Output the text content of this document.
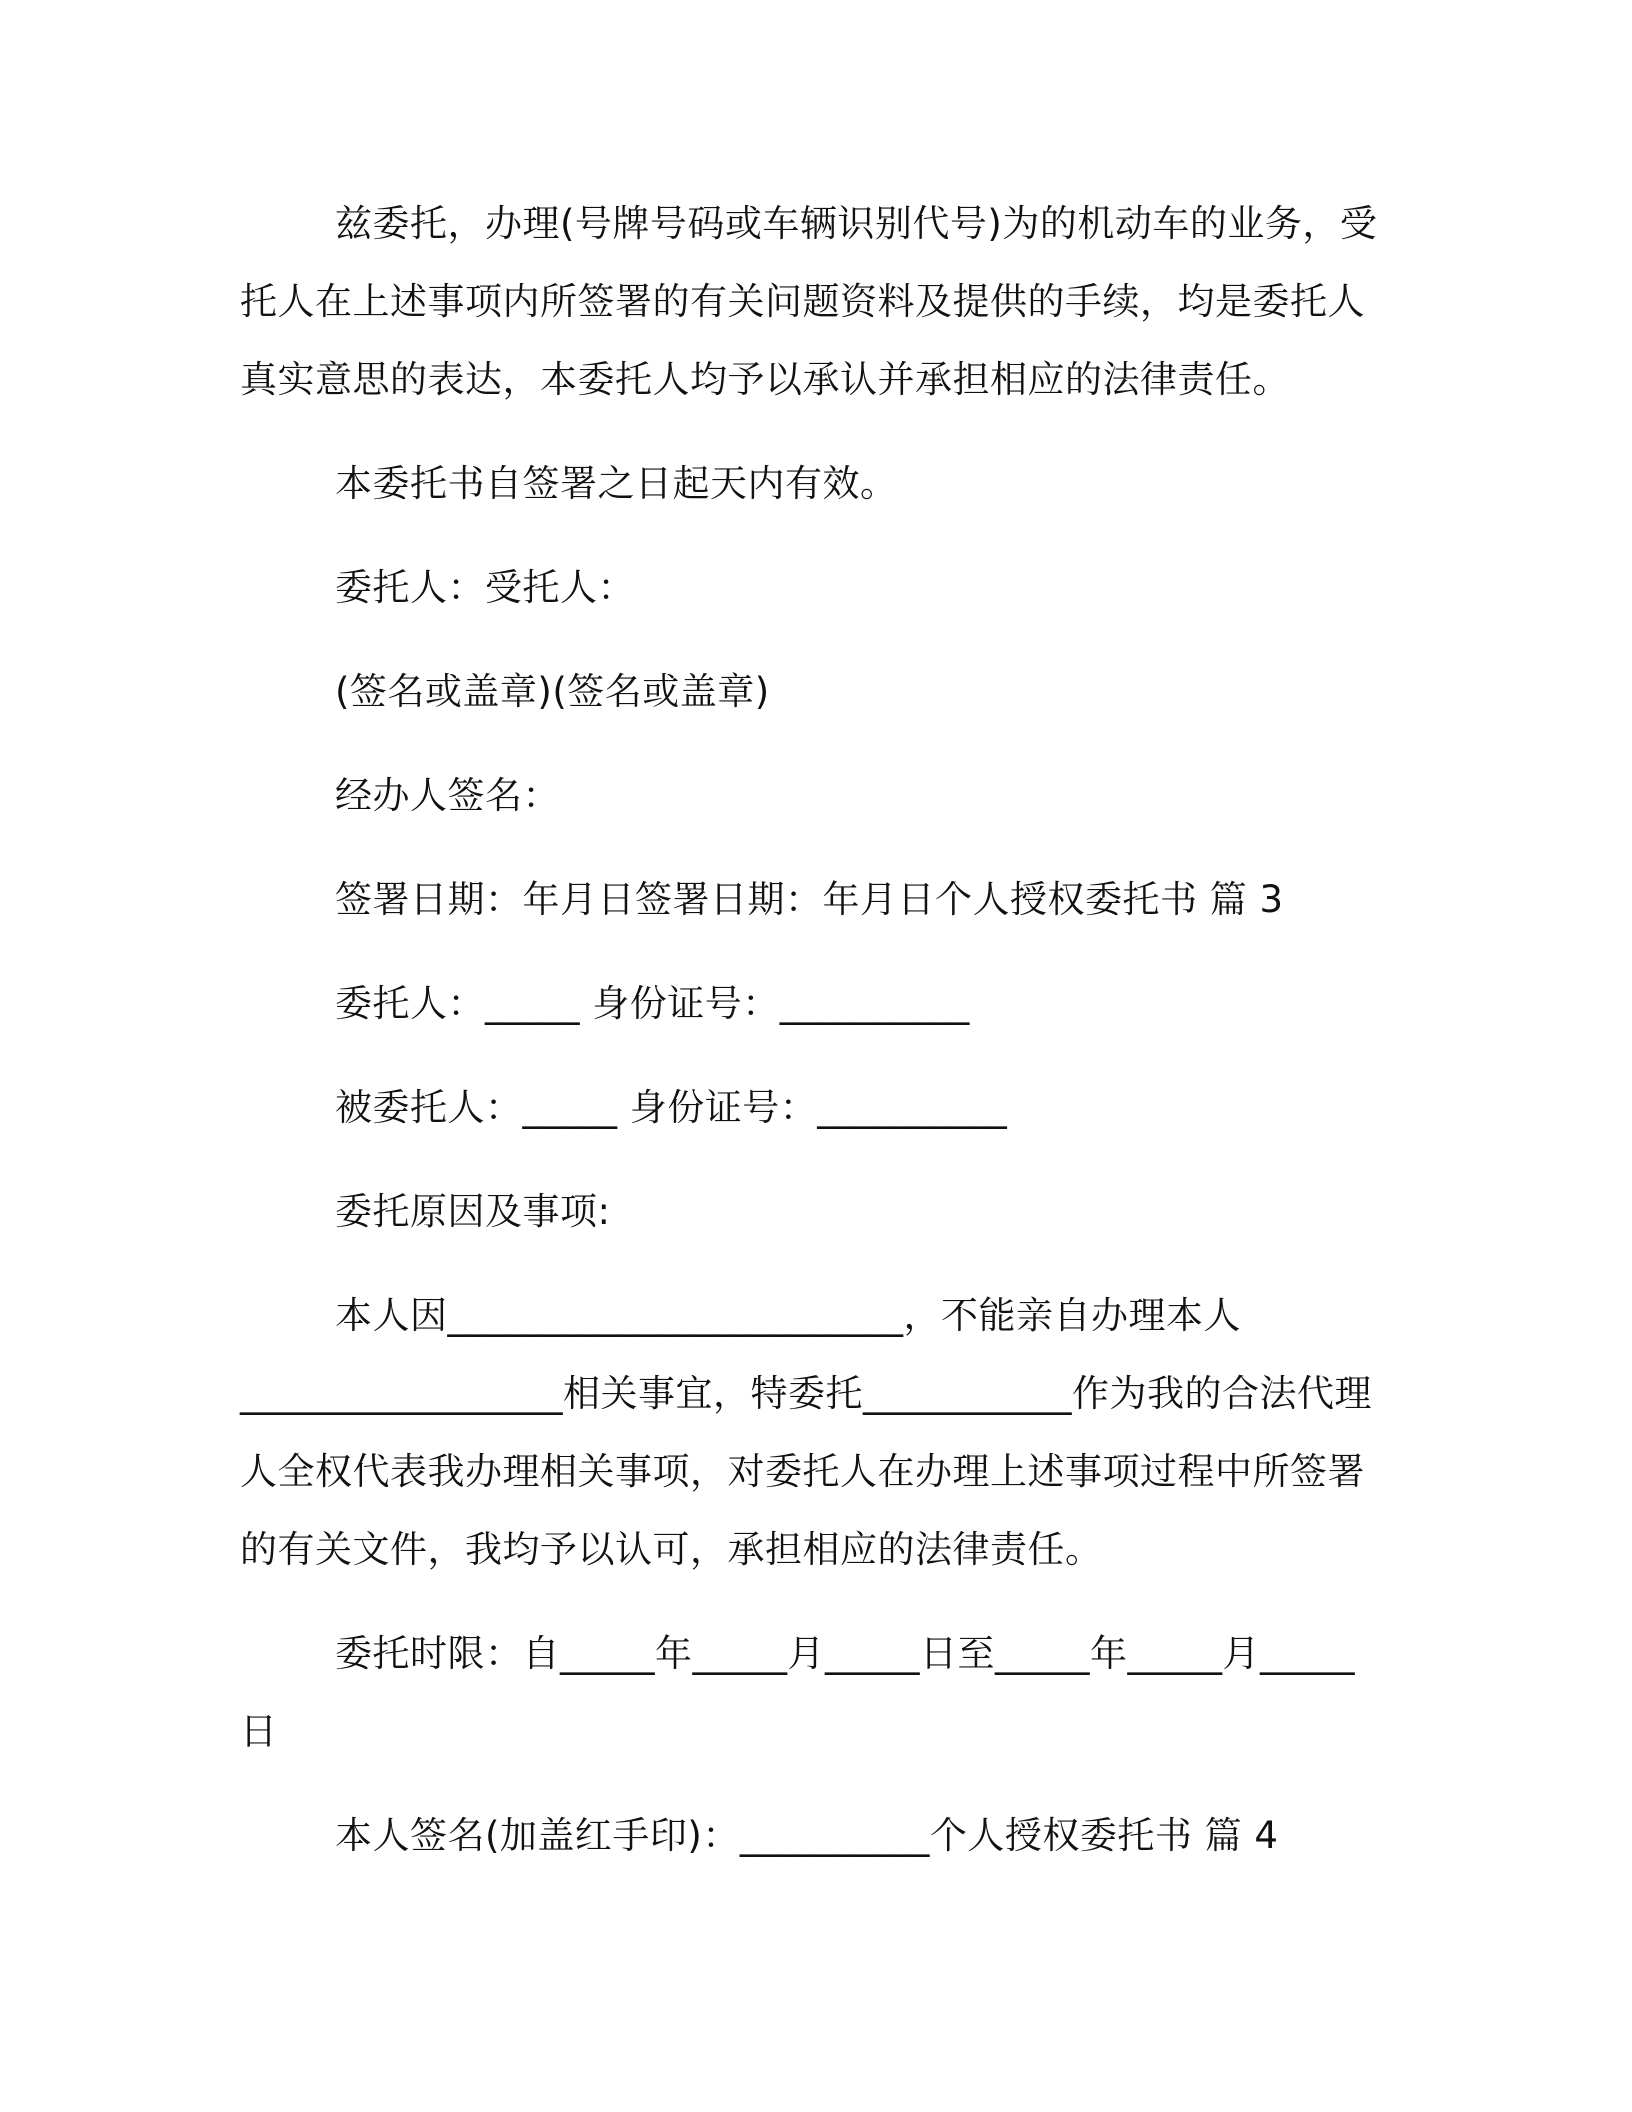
兹委托，办理(号牌号码或车辆识别代号)为的机动车的业务，受托人在上述事项内所签署的有关问题资料及提供的手续，均是委托人真实意思的表达，本委托人均予以承认并承担相应的法律责任。

本委托书自签署之日起天内有效。

委托人：受托人：

(签名或盖章)(签名或盖章)

经办人签名：

签署日期：年月日签署日期：年月日个人授权委托书 篇 3

委托人：_____ 身份证号：__________

被委托人：_____ 身份证号：__________

委托原因及事项:

本人因________________________，不能亲自办理本人_________________相关事宜，特委托___________作为我的合法代理人全权代表我办理相关事项，对委托人在办理上述事项过程中所签署的有关文件，我均予以认可，承担相应的法律责任。

委托时限：自_____年_____月_____日至_____年_____月_____日

本人签名(加盖红手印)：__________个人授权委托书 篇 4
